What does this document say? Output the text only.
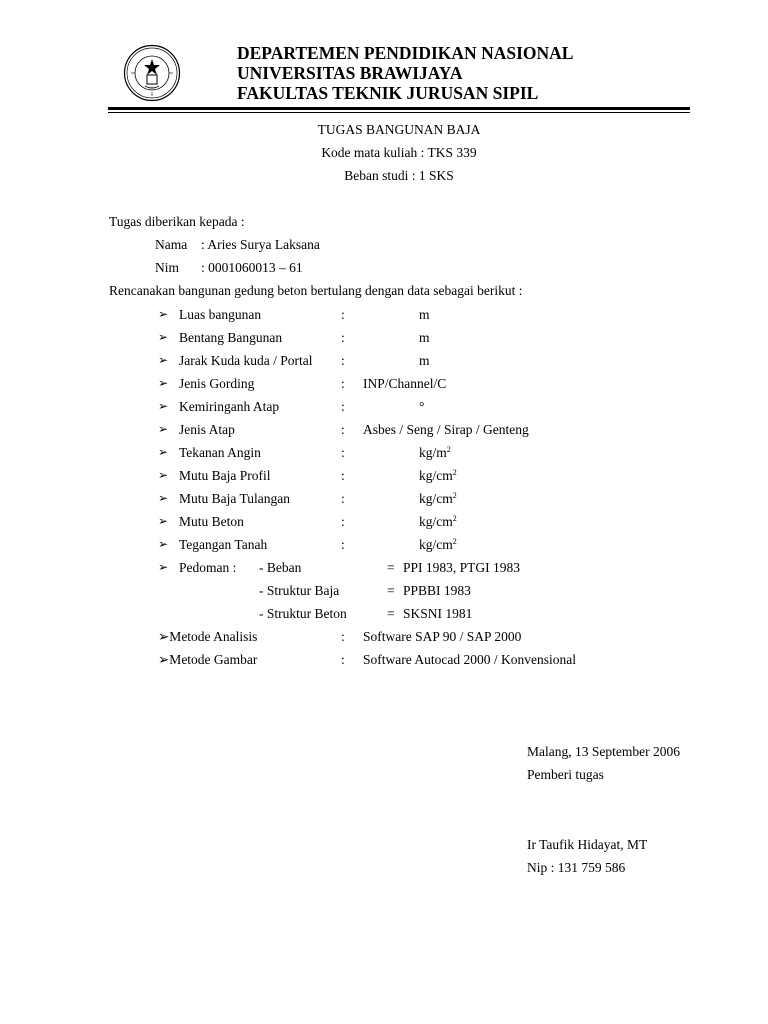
DEPARTEMEN PENDIDIKAN NASIONAL
UNIVERSITAS BRAWIJAYA
FAKULTAS TEKNIK JURUSAN SIPIL
TUGAS BANGUNAN BAJA
Kode mata kuliah : TKS 339
Beban studi : 1 SKS
Tugas diberikan kepada :
Nama : Aries Surya Laksana
Nim : 0001060013 – 61
Rencanakan bangunan gedung beton bertulang dengan data sebagai berikut :
➢ Luas bangunan	:	m
➢ Bentang Bangunan	:	m
➢ Jarak Kuda kuda / Portal :	m
➢ Jenis Gording	: INP/Channel/C
➢ Kemiringanh Atap	:	°
➢ Jenis Atap	: Asbes / Seng / Sirap / Genteng
➢ Tekanan Angin	:	$kg/m^2$
➢ Mutu Baja Profil	:	$kg/cm^2$
➢ Mutu Baja Tulangan	:	$kg/cm^2$
➢ Mutu Beton	:	$kg/cm^2$
➢ Tegangan Tanah	:	$kg/cm^2$
➢ Pedoman : - Beban	= PPI 1983, PTGI 1983
- Struktur Baja	= PPBBI 1983
- Struktur Beton	= SKSNI 1981
➢Metode Analisis	: Software SAP 90 / SAP 2000
➢Metode Gambar	: Software Autocad 2000 / Konvensional
Malang, 13 September 2006
Pemberi tugas
Ir Taufik Hidayat, MT
Nip : 131 759 586
